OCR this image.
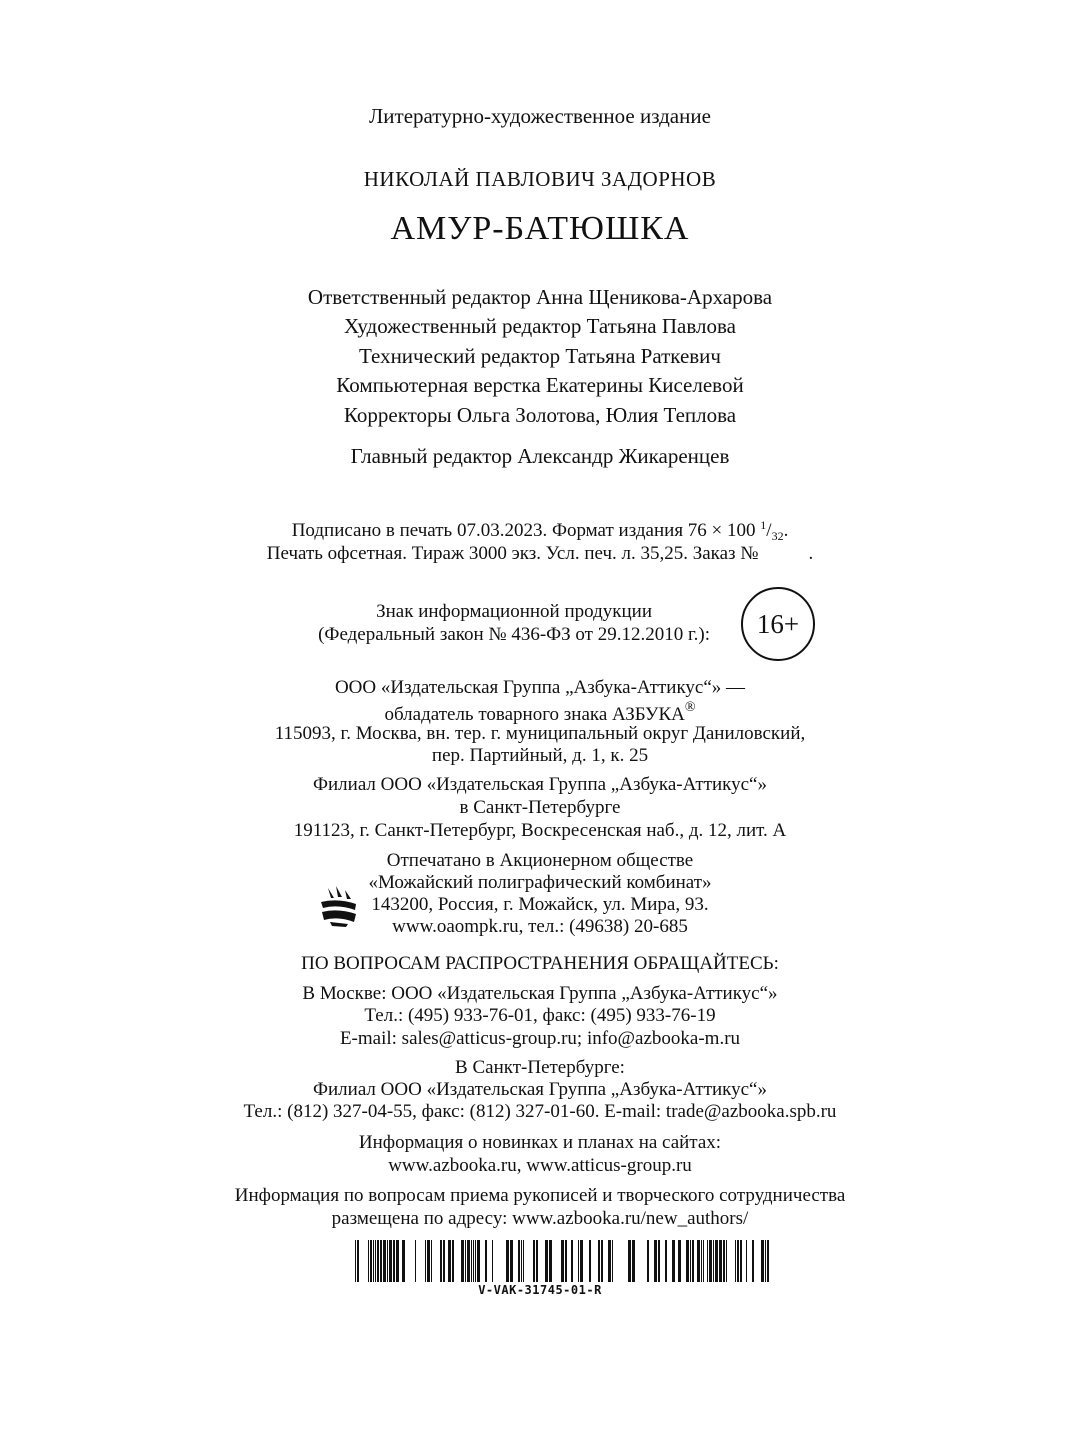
Литературно-художественное издание
НИКОЛАЙ ПАВЛОВИЧ ЗАДОРНОВ
АМУР-БАТЮШКА
Ответственный редактор Анна Щеникова-Архарова
Художественный редактор Татьяна Павлова
Технический редактор Татьяна Раткевич
Компьютерная верстка Екатерины Киселевой
Корректоры Ольга Золотова, Юлия Теплова
Главный редактор Александр Жикаренцев
Подписано в печать 07.03.2023. Формат издания 76 × 100 $^1/_{32}$.
Печать офсетная. Тираж 3000 экз. Усл. печ. л. 35,25. Заказ №	.
Знак информационной продукции
(Федеральный закон № 436-ФЗ от 29.12.2010 г.):	16+
ООО «Издательская Группа „Азбука-Аттикус“» —
обладатель товарного знака АЗБУКА®
115093, г. Москва, вн. тер. г. муниципальный округ Даниловский,
пер. Партийный, д. 1, к. 25
Филиал ООО «Издательская Группа „Азбука-Аттикус“»
в Санкт-Петербурге
191123, г. Санкт-Петербург, Воскресенская наб., д. 12, лит. А
Отпечатано в Акционерном обществе
«Можайский полиграфический комбинат»
143200, Россия, г. Можайск, ул. Мира, 93.
www.oaompk.ru, тел.: (49638) 20-685
ПО ВОПРОСАМ РАСПРОСТРАНЕНИЯ ОБРАЩАЙТЕСЬ:
В Москве: ООО «Издательская Группа „Азбука-Аттикус“»
Тел.: (495) 933-76-01, факс: (495) 933-76-19
E-mail: sales@atticus-group.ru; info@azbooka-m.ru
В Санкт-Петербурге:
Филиал ООО «Издательская Группа „Азбука-Аттикус“»
Тел.: (812) 327-04-55, факс: (812) 327-01-60. E-mail: trade@azbooka.spb.ru
Информация о новинках и планах на сайтах:
www.azbooka.ru, www.atticus-group.ru
Информация по вопросам приема рукописей и творческого сотрудничества
размещена по адресу: www.azbooka.ru/new_authors/
V-VAK-31745-01-R
